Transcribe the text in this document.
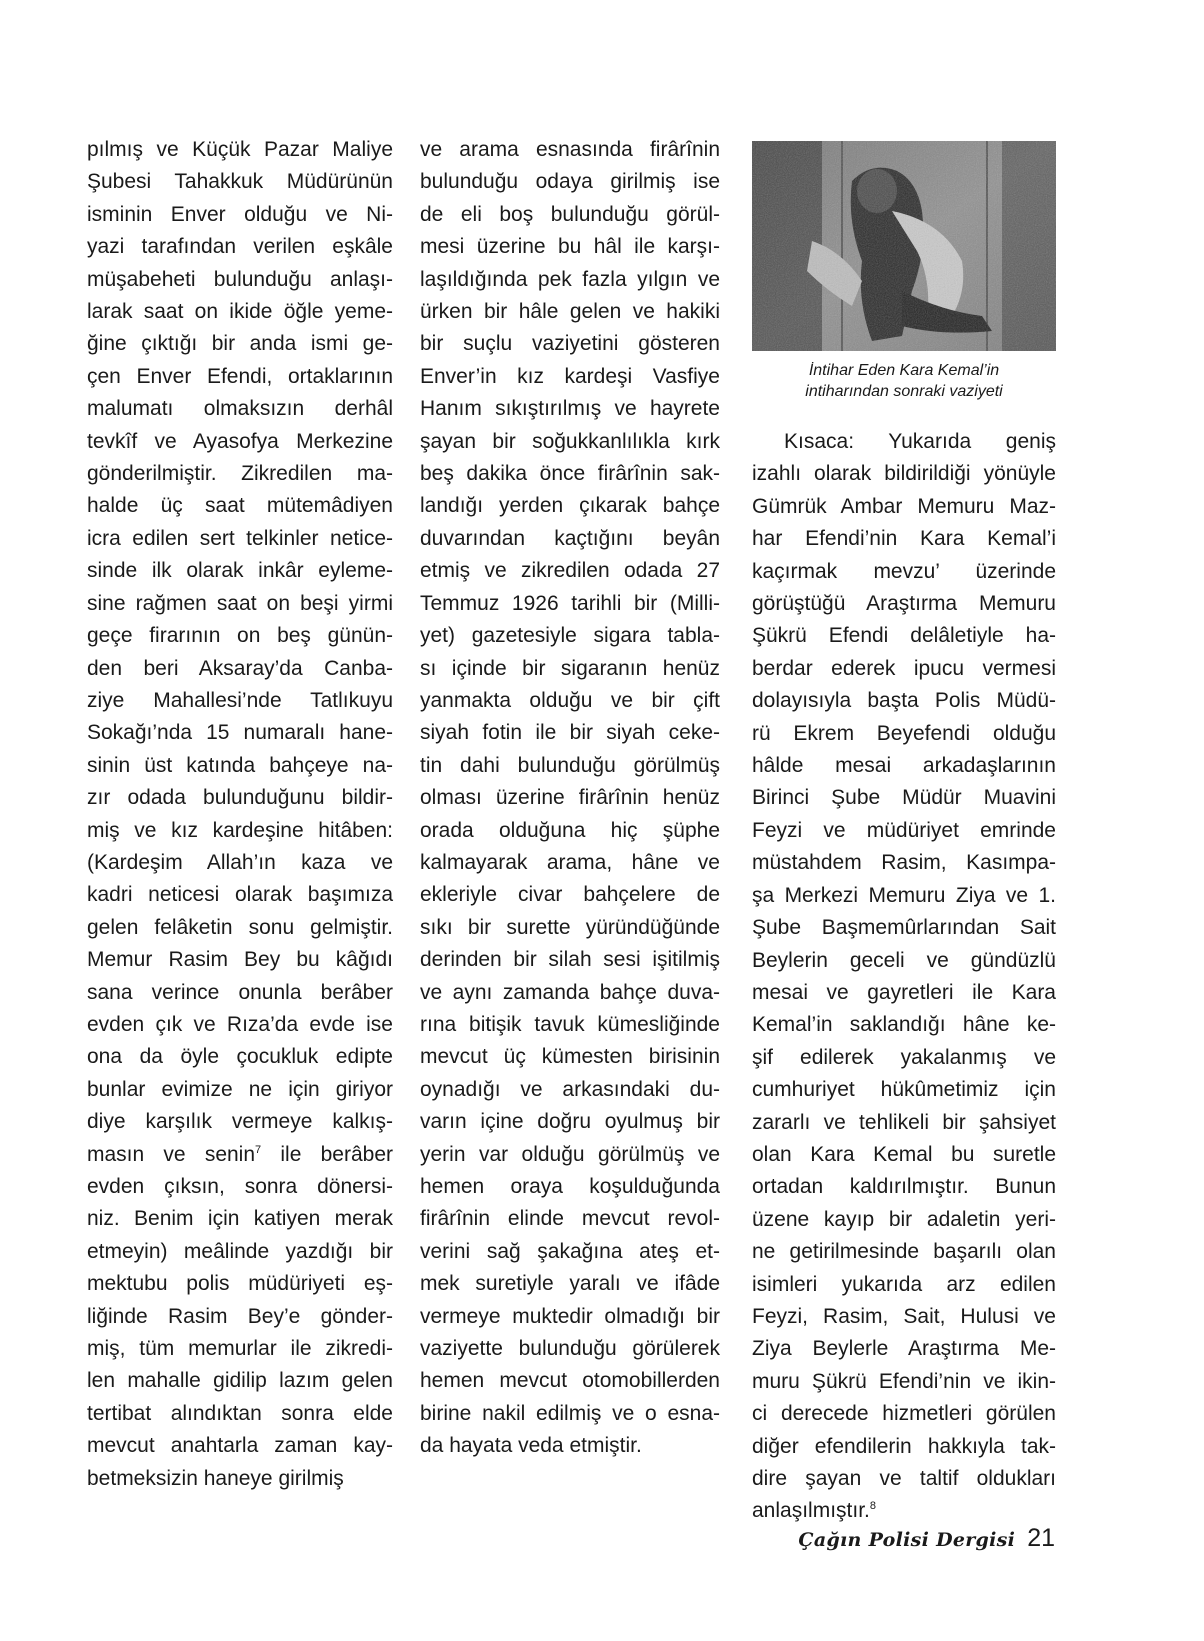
pılmış ve Küçük Pazar Maliye
Şubesi Tahakkuk Müdürünün
isminin Enver olduğu ve Ni-
yazi tarafından verilen eşkâle
müşabeheti bulunduğu anlaşı-
larak saat on ikide öğle yeme-
ğine çıktığı bir anda ismi ge-
çen Enver Efendi, ortaklarının
malumatı olmaksızın derhâl
tevkîf ve Ayasofya Merkezine
gönderilmiştir. Zikredilen ma-
halde üç saat mütemâdiyen
icra edilen sert telkinler netice-
sinde ilk olarak inkâr eyleme-
sine rağmen saat on beşi yirmi
geçe firarının on beş günün-
den beri Aksaray’da Canba-
ziye Mahallesi’nde Tatlıkuyu
Sokağı’nda 15 numaralı hane-
sinin üst katında bahçeye na-
zır odada bulunduğunu bildir-
miş ve kız kardeşine hitâben:
(Kardeşim Allah’ın kaza ve
kadri neticesi olarak başımıza
gelen felâketin sonu gelmiştir.
Memur Rasim Bey bu kâğıdı
sana verince onunla berâber
evden çık ve Rıza’da evde ise
ona da öyle çocukluk edipte
bunlar evimize ne için giriyor
diye karşılık vermeye kalkış-
masın ve senin$^7$ ile berâber
evden çıksın, sonra dönersi-
niz. Benim için katiyen merak
etmeyin) meâlinde yazdığı bir
mektubu polis müdüriyeti eş-
liğinde Rasim Bey’e gönder-
miş, tüm memurlar ile zikredi-
len mahalle gidilip lazım gelen
tertibat alındıktan sonra elde
mevcut anahtarla zaman kay-
betmeksizin haneye girilmiş
ve arama esnasında firârînin
bulunduğu odaya girilmiş ise
de eli boş bulunduğu görül-
mesi üzerine bu hâl ile karşı-
laşıldığında pek fazla yılgın ve
ürken bir hâle gelen ve hakiki
bir suçlu vaziyetini gösteren
Enver’in kız kardeşi Vasfiye
Hanım sıkıştırılmış ve hayrete
şayan bir soğukkanlılıkla kırk
beş dakika önce firârînin sak-
landığı yerden çıkarak bahçe
duvarından kaçtığını beyân
etmiş ve zikredilen odada 27
Temmuz 1926 tarihli bir (Milli-
yet) gazetesiyle sigara tabla-
sı içinde bir sigaranın henüz
yanmakta olduğu ve bir çift
siyah fotin ile bir siyah ceke-
tin dahi bulunduğu görülmüş
olması üzerine firârînin henüz
orada olduğuna hiç şüphe
kalmayarak arama, hâne ve
ekleriyle civar bahçelere de
sıkı bir surette yüründüğünde
derinden bir silah sesi işitilmiş
ve aynı zamanda bahçe duva-
rına bitişik tavuk kümesliğinde
mevcut üç kümesten birisinin
oynadığı ve arkasındaki du-
varın içine doğru oyulmuş bir
yerin var olduğu görülmüş ve
hemen oraya koşulduğunda
firârînin elinde mevcut revol-
verini sağ şakağına ateş et-
mek suretiyle yaralı ve ifâde
vermeye muktedir olmadığı bir
vaziyette bulunduğu görülerek
hemen mevcut otomobillerden
birine nakil edilmiş ve o esna-
da hayata veda etmiştir.
İntihar Eden Kara Kemal’in
intiharından sonraki vaziyeti
Kısaca: Yukarıda geniş
izahlı olarak bildirildiği yönüyle
Gümrük Ambar Memuru Maz-
har Efendi’nin Kara Kemal’i
kaçırmak mevzu’ üzerinde
görüştüğü Araştırma Memuru
Şükrü Efendi delâletiyle ha-
berdar ederek ipucu vermesi
dolayısıyla başta Polis Müdü-
rü Ekrem Beyefendi olduğu
hâlde mesai arkadaşlarının
Birinci Şube Müdür Muavini
Feyzi ve müdüriyet emrinde
müstahdem Rasim, Kasımpa-
şa Merkezi Memuru Ziya ve 1.
Şube Başmemûrlarından Sait
Beylerin geceli ve gündüzlü
mesai ve gayretleri ile Kara
Kemal’in saklandığı hâne ke-
şif edilerek yakalanmış ve
cumhuriyet hükûmetimiz için
zararlı ve tehlikeli bir şahsiyet
olan Kara Kemal bu suretle
ortadan kaldırılmıştır. Bunun
üzene kayıp bir adaletin yeri-
ne getirilmesinde başarılı olan
isimleri yukarıda arz edilen
Feyzi, Rasim, Sait, Hulusi ve
Ziya Beylerle Araştırma Me-
muru Şükrü Efendi’nin ve ikin-
ci derecede hizmetleri görülen
diğer efendilerin hakkıyla tak-
dire şayan ve taltif oldukları
anlaşılmıştır.$^8$
Çağın Polisi Dergisi 21
